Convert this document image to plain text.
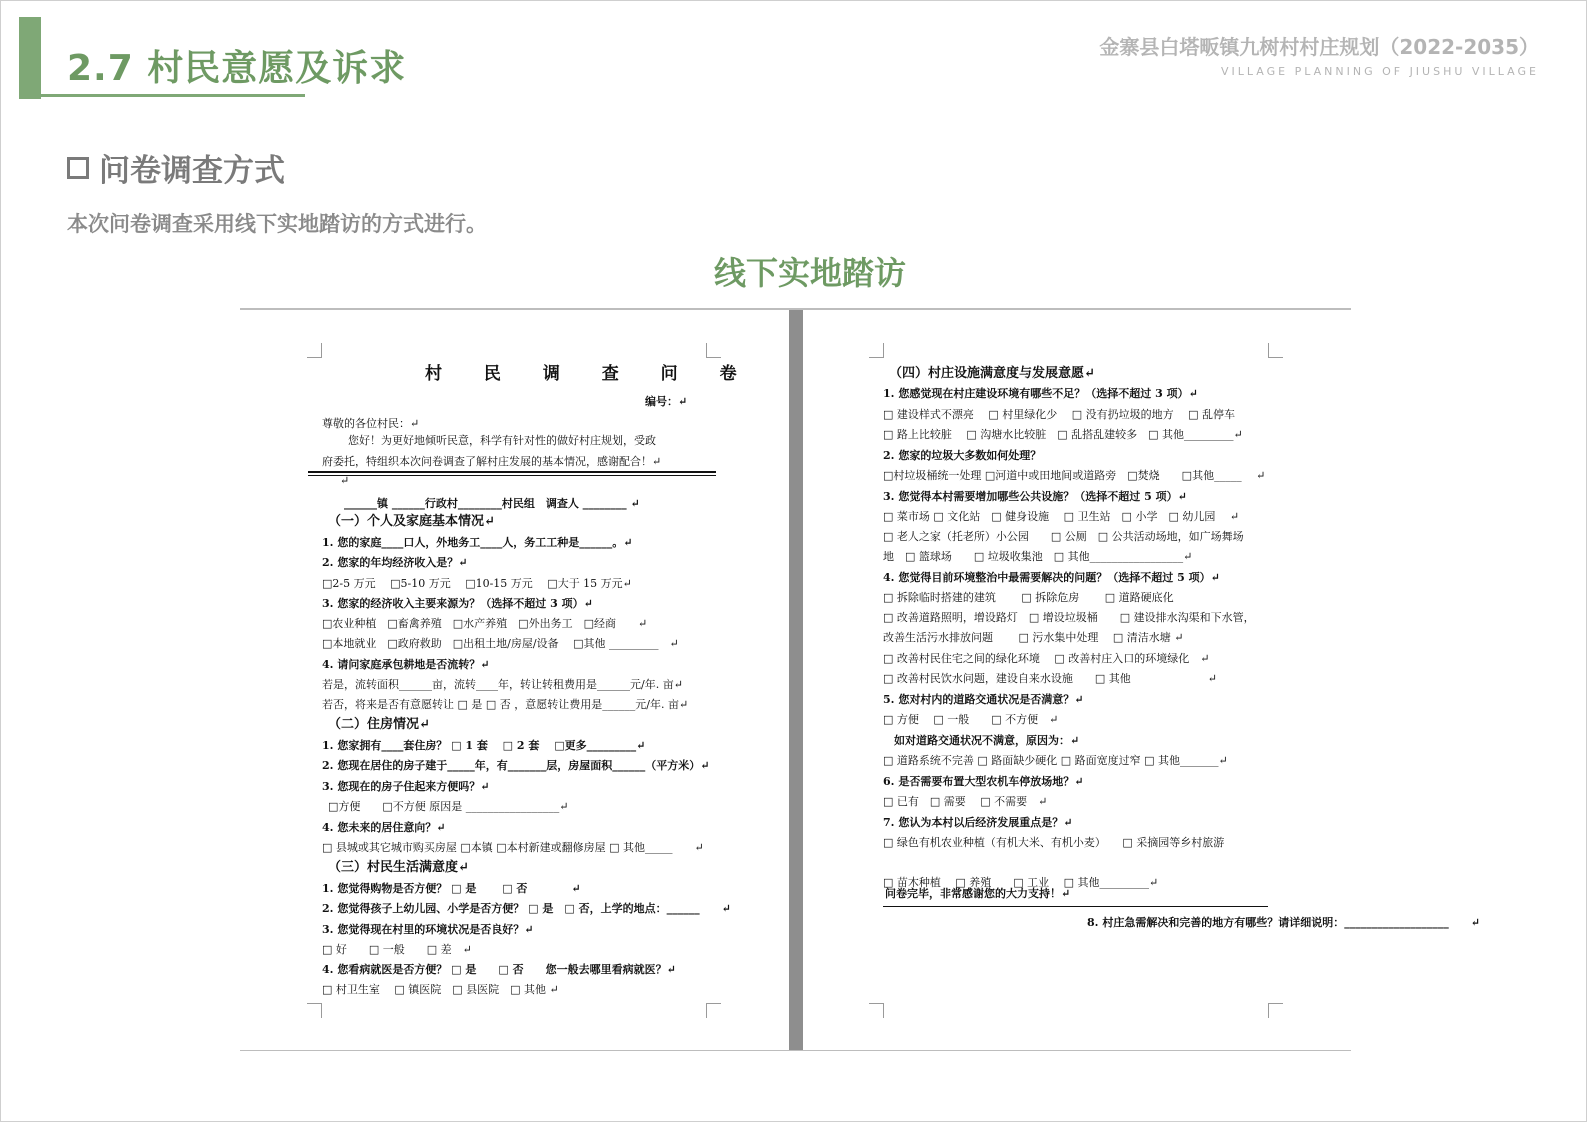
2.7 村民意愿及诉求
金寨县白塔畈镇九树村村庄规划（2022-2035）
VILLAGE PLANNING OF JIUSHU VILLAGE
问卷调查方式
本次问卷调查采用线下实地踏访的方式进行。
线下实地踏访
村 民 调 查 问 卷
编号：↵
尊敬的各位村民：↵
您好！为更好地倾听民意，科学有针对性的做好村庄规划，受政
府委托，特组织本次问卷调查了解村庄发展的基本情况，感谢配合！↵
↵
______镇 ______行政村________村民组　调查人 ________ ↵
（一）个人及家庭基本情况↵
1. 您的家庭____口人，外地务工____人，务工工种是______。↵
2. 您家的年均经济收入是？↵
□2-5 万元　 □5-10 万元　 □10-15 万元　 □大于 15 万元↵
3. 您家的经济收入主要来源为？（选择不超过 3 项）↵
□农业种植　□畜禽养殖　□水产养殖　□外出务工　□经商　　↵
□本地就业　□政府救助　□出租土地/房屋/设备　 □其他 _________　↵
4. 请问家庭承包耕地是否流转？↵
若是，流转面积______亩，流转____年，转让转租费用是______元/年. 亩↵
若否，将来是否有意愿转让 □ 是 □ 否 ，意愿转让费用是______元/年. 亩↵
（二）住房情况↵
1. 您家拥有____套住房？ □ 1 套　 □ 2 套　 □更多_________↵
2. 您现在居住的房子建于_____年，有_______层，房屋面积______（平方米）↵
3. 您现在的房子住起来方便吗？↵
□方便　　□不方便 原因是 _________________↵
4. 您未来的居住意向？↵
□ 县城或其它城市购买房屋 □本镇 □本村新建或翻修房屋 □ 其他_____　　↵
（三）村民生活满意度↵
1. 您觉得购物是否方便？ □ 是　　 □ 否　　　　↵
2. 您觉得孩子上幼儿园、小学是否方便？ □ 是　□ 否，上学的地点：______　　↵
3. 您觉得现在村里的环境状况是否良好？↵
□ 好　　□ 一般　　□ 差　↵
4. 您看病就医是否方便？ □ 是　　□ 否　　您一般去哪里看病就医？↵
□ 村卫生室　 □ 镇医院　□ 县医院　□ 其他 ↵
（四）村庄设施满意度与发展意愿↵
1. 您感觉现在村庄建设环境有哪些不足？（选择不超过 3 项）↵
□ 建设样式不漂亮　 □ 村里绿化少　 □ 没有扔垃圾的地方　 □ 乱停车
□ 路上比较脏　 □ 沟塘水比较脏　□ 乱搭乱建较多　□ 其他_________↵
2. 您家的垃圾大多数如何处理？
□村垃圾桶统一处理 □河道中或田地间或道路旁　□焚烧　　□其他_____　 ↵
3. 您觉得本村需要增加哪些公共设施？（选择不超过 5 项）↵
□ 菜市场 □ 文化站　□ 健身设施　 □ 卫生站　□ 小学　□ 幼儿园　 ↵
□ 老人之家（托老所）小公园　　□ 公厕　□ 公共活动场地，如广场舞场
地　□ 篮球场　　□ 垃圾收集池　□ 其他_________________↵
4. 您觉得目前环境整治中最需要解决的问题？（选择不超过 5 项）↵
□ 拆除临时搭建的建筑　　 □ 拆除危房　　 □ 道路硬底化
□ 改善道路照明，增设路灯　□ 增设垃圾桶　　□ 建设排水沟渠和下水管，
改善生活污水排放问题　　 □ 污水集中处理　 □ 清洁水塘 ↵
□ 改善村民住宅之间的绿化环境　 □ 改善村庄入口的环境绿化　↵
□ 改善村民饮水问题，建设自来水设施　　□ 其他　　　　　　　↵
5. 您对村内的道路交通状况是否满意？↵
□ 方便　 □ 一般　　□ 不方便　↵
　如对道路交通状况不满意，原因为：↵
□ 道路系统不完善 □ 路面缺少硬化 □ 路面宽度过窄 □ 其他_______↵
6. 是否需要布置大型农机车停放场地？↵
□ 已有　□ 需要　 □ 不需要　↵
7. 您认为本村以后经济发展重点是？↵
□ 绿色有机农业种植（有机大米、有机小麦）　　□ 采摘园等乡村旅游
□ 苗木种植　 □ 养殖　　□ 工业　 □ 其他_________↵
8. 村庄急需解决和完善的地方有哪些？请详细说明：___________________　　↵
问卷完毕，非常感谢您的大力支持！↵
